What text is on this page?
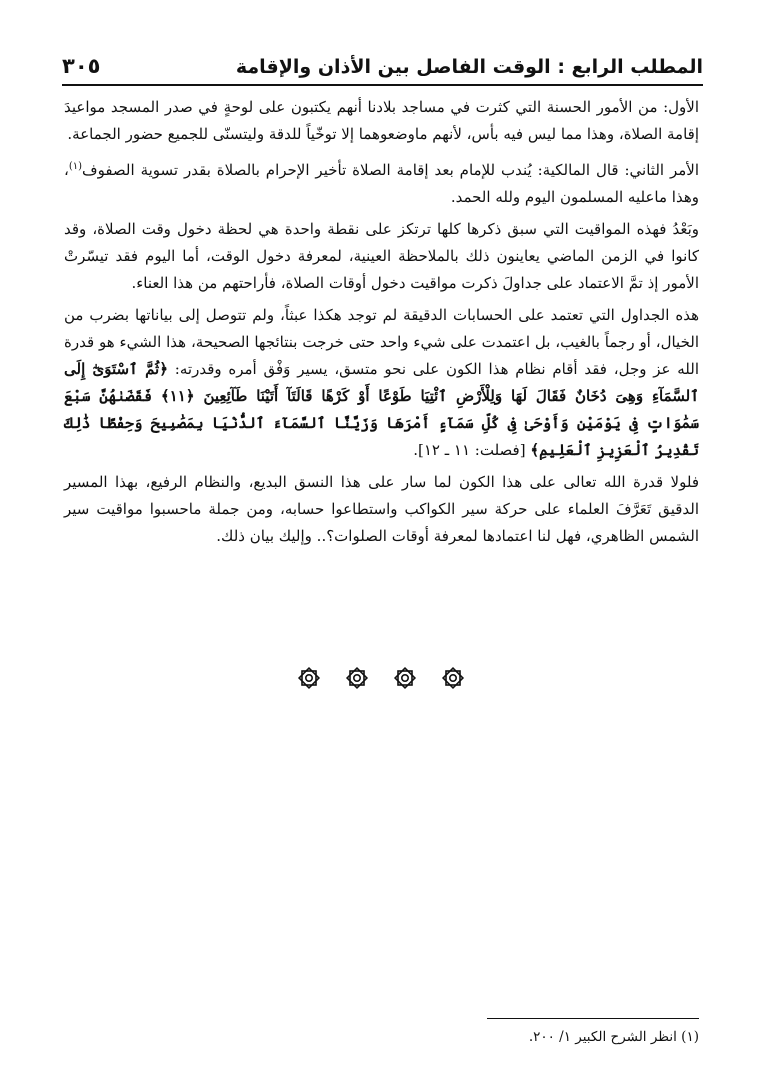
المطلب الرابع : الوقت الفاصل بين الأذان والإقامة
٣٠٥

الأول: من الأمور الحسنة التي كثرت في مساجد بلادنا أنهم يكتبون على لوحةٍ في صدر المسجد مواعيدَ إقامة الصلاة، وهذا مما ليس فيه بأس، لأنهم ماوضعوهما إلا توخّياً للدقة وليتسنّى للجميع حضور الجماعة.

الأمر الثاني: قال المالكية: يُندب للإمام بعد إقامة الصلاة تأخير الإحرام بالصلاة بقدر تسوية الصفوف$^{(١)}$، وهذا ماعليه المسلمون اليوم ولله الحمد.

وبَعْدُ فهذه المواقيت التي سبق ذكرها كلها ترتكز على نقطة واحدة هي لحظة دخول وقت الصلاة، وقد كانوا في الزمن الماضي يعاينون ذلك بالملاحظة العينية، لمعرفة دخول الوقت، أما اليوم فقد تيسّرتْ الأمور إذ تمَّ الاعتماد على جداولَ ذكرت مواقيت دخول أوقات الصلاة، فأراحتهم من هذا العناء.

هذه الجداول التي تعتمد على الحسابات الدقيقة لم توجد هكذا عبثاً، ولم تتوصل إلى بياناتها بضرب من الخيال، أو رجماً بالغيب، بل اعتمدت على شيء واحد حتى خرجت بنتائجها الصحيحة، هذا الشيء هو قدرة الله عز وجل، فقد أقام نظام هذا الكون على نحو متسق، يسير وَفْق أمره وقدرته: ﴿ثُمَّ ٱسْتَوَىٰٓ إِلَى ٱلسَّمَآءِ وَهِىَ دُخَانٌ فَقَالَ لَهَا وَلِلْأَرْضِ ٱئْتِيَا طَوْعًا أَوْ كَرْهًا قَالَتَآ أَتَيْنَا طَآئِعِينَ ﴿١١﴾ فَقَضَىٰهُنَّ سَبْعَ سَمَٰوَاتٍ فِى يَوْمَيْنِ وَأَوْحَىٰ فِى كُلِّ سَمَآءٍ أَمْرَهَا وَزَيَّنَّا ٱلسَّمَآءَ ٱلدُّنْيَا بِمَصَٰبِيحَ وَحِفْظًا ذَٰلِكَ تَقْدِيرُ ٱلْعَزِيزِ ٱلْعَلِيمِ﴾ [فصلت: ١١ ـ ١٢].

فلولا قدرة الله تعالى على هذا الكون لما سار على هذا النسق البديع، والنظام الرفيع، بهذا المسير الدقيق تَعَرَّفَ العلماء على حركة سير الكواكب واستطاعوا حسابه، ومن جملة ماحسبوا مواقيت سير الشمس الظاهري، فهل لنا اعتمادها لمعرفة أوقات الصلوات؟.. وإليك بيان ذلك.

(١) انظر الشرح الكبير ١/ ٢٠٠.
